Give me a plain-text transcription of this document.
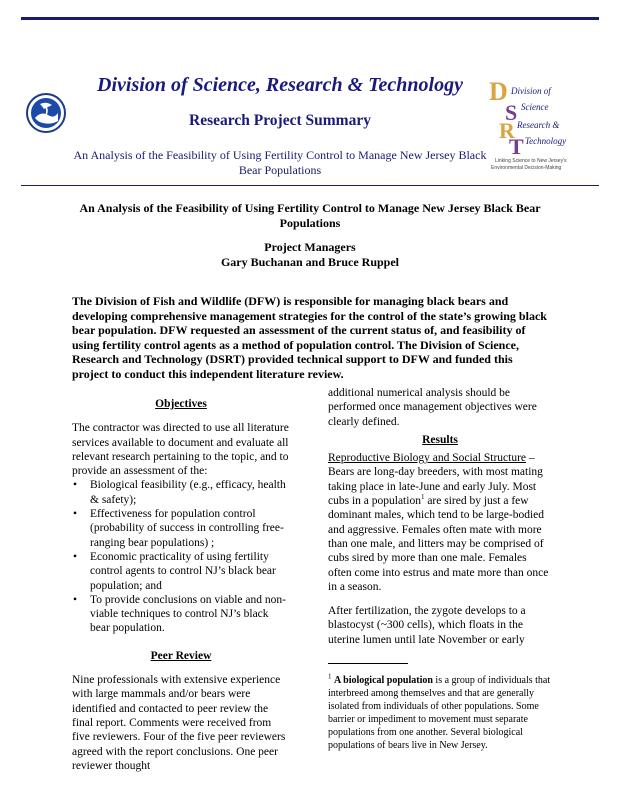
Division of Science, Research & Technology
Research Project Summary
An Analysis of the Feasibility of Using Fertility Control to Manage New Jersey Black Bear Populations
D
S
R
T
Division of
Science
Research &
Technology
Linking Science to New Jersey's
Environmental Decision-Making
An Analysis of the Feasibility of Using Fertility Control to Manage New Jersey Black Bear Populations
Project Managers
Gary Buchanan and Bruce Ruppel
The Division of Fish and Wildlife (DFW) is responsible for managing black bears and developing comprehensive management strategies for the control of the state’s growing black bear population. DFW requested an assessment of the current status of, and feasibility of using fertility control agents as a method of population control. The Division of Science, Research and Technology (DSRT) provided technical support to DFW and funded this project to conduct this independent literature review.
Objectives

The contractor was directed to use all literature services available to document and evaluate all relevant research pertaining to the topic, and to provide an assessment of the:

• Biological feasibility (e.g., efficacy, health & safety);
• Effectiveness for population control (probability of success in controlling free-ranging bear populations) ;
• Economic practicality of using fertility control agents to control NJ’s black bear population; and
• To provide conclusions on viable and non-viable techniques to control NJ’s black bear population.
Peer Review

Nine professionals with extensive experience with large mammals and/or bears were identified and contacted to peer review the final report. Comments were received from five reviewers. Four of the five peer reviewers agreed with the report conclusions. One peer reviewer thought

additional numerical analysis should be performed once management objectives were clearly defined.

Results

Reproductive Biology and Social Structure – Bears are long-day breeders, with most mating taking place in late-June and early July. Most cubs in a population$^1$ are sired by just a few dominant males, which tend to be large-bodied and aggressive. Females often mate with more than one male, and litters may be comprised of cubs sired by more than one male. Females often come into estrus and mate more than once in a season.

After fertilization, the zygote develops to a blastocyst (~300 cells), which floats in the uterine lumen until late November or early

$^1$ A biological population is a group of individuals that interbreed among themselves and that are generally isolated from individuals of other populations. Some barrier or impediment to movement must separate populations from one another. Several biological populations of bears live in New Jersey.
